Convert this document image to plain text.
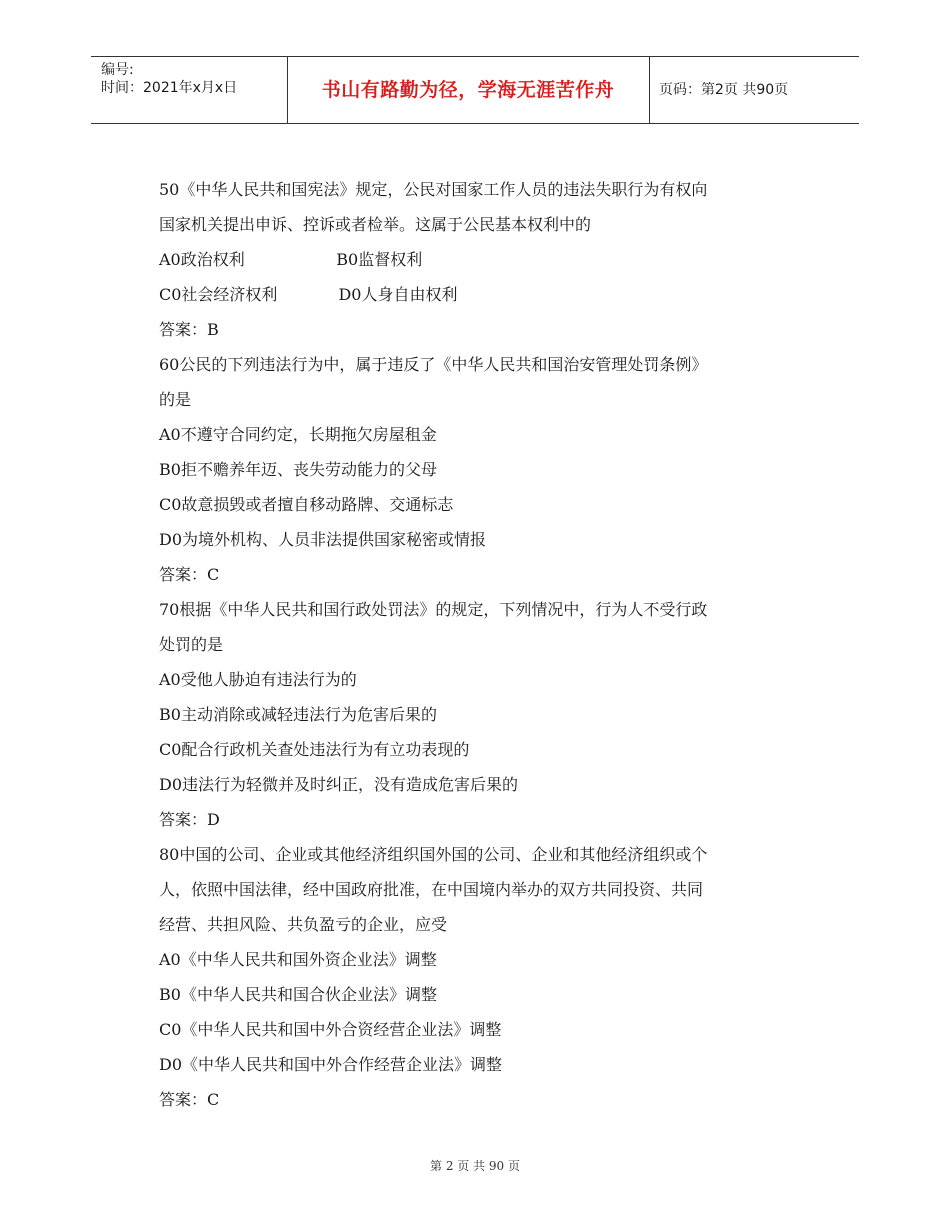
编号:
时间：2021年x月x日	书山有路勤为径，学海无涯苦作舟	页码：第2页 共90页
50《中华人民共和国宪法》规定，公民对国家工作人员的违法失职行为有权向
国家机关提出申诉、控诉或者检举。这属于公民基本权利中的
A0政治权利                  B0监督权利
C0社会经济权利            D0人身自由权利
答案：B
60公民的下列违法行为中，属于违反了《中华人民共和国治安管理处罚条例》
的是
A0不遵守合同约定，长期拖欠房屋租金
B0拒不赡养年迈、丧失劳动能力的父母
C0故意损毁或者擅自移动路牌、交通标志
D0为境外机构、人员非法提供国家秘密或情报
答案：C
70根据《中华人民共和国行政处罚法》的规定，下列情况中，行为人不受行政
处罚的是
A0受他人胁迫有违法行为的
B0主动消除或减轻违法行为危害后果的
C0配合行政机关查处违法行为有立功表现的
D0违法行为轻微并及时纠正，没有造成危害后果的
答案：D
80中国的公司、企业或其他经济组织国外国的公司、企业和其他经济组织或个
人，依照中国法律，经中国政府批准，在中国境内举办的双方共同投资、共同
经营、共担风险、共负盈亏的企业，应受
A0《中华人民共和国外资企业法》调整
B0《中华人民共和国合伙企业法》调整
C0《中华人民共和国中外合资经营企业法》调整
D0《中华人民共和国中外合作经营企业法》调整
答案：C
第 2 页 共 90 页
